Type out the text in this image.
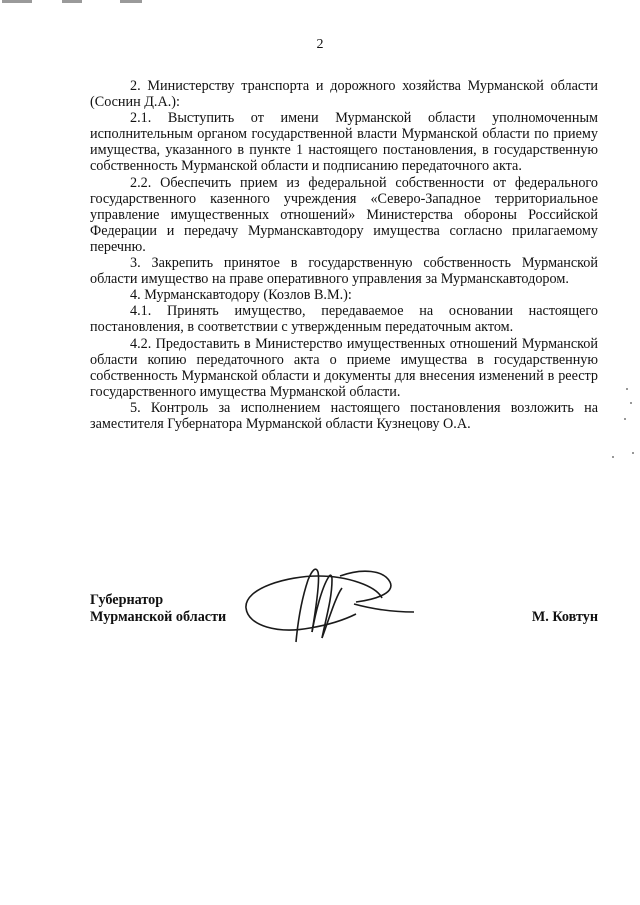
2

2. Министерству транспорта и дорожного хозяйства Мурманской области (Соснин Д.А.):

2.1. Выступить от имени Мурманской области уполномоченным исполнительным органом государственной власти Мурманской области по приему имущества, указанного в пункте 1 настоящего постановления, в государственную собственность Мурманской области и подписанию передаточного акта.

2.2. Обеспечить прием из федеральной собственности от федерального государственного казенного учреждения «Северо-Западное территориальное управление имущественных отношений» Министерства обороны Российской Федерации и передачу Мурманскавтодору имущества согласно прилагаемому перечню.

3. Закрепить принятое в государственную собственность Мурманской области имущество на праве оперативного управления за Мурманскавтодором.

4. Мурманскавтодору (Козлов В.М.):

4.1. Принять имущество, передаваемое на основании настоящего постановления, в соответствии с утвержденным передаточным актом.

4.2. Предоставить в Министерство имущественных отношений Мурманской области копию передаточного акта о приеме имущества в государственную собственность Мурманской области и документы для внесения изменений в реестр государственного имущества Мурманской области.

5. Контроль за исполнением настоящего постановления возложить на заместителя Губернатора Мурманской области Кузнецову О.А.

Губернатор
Мурманской области	М. Ковтун
